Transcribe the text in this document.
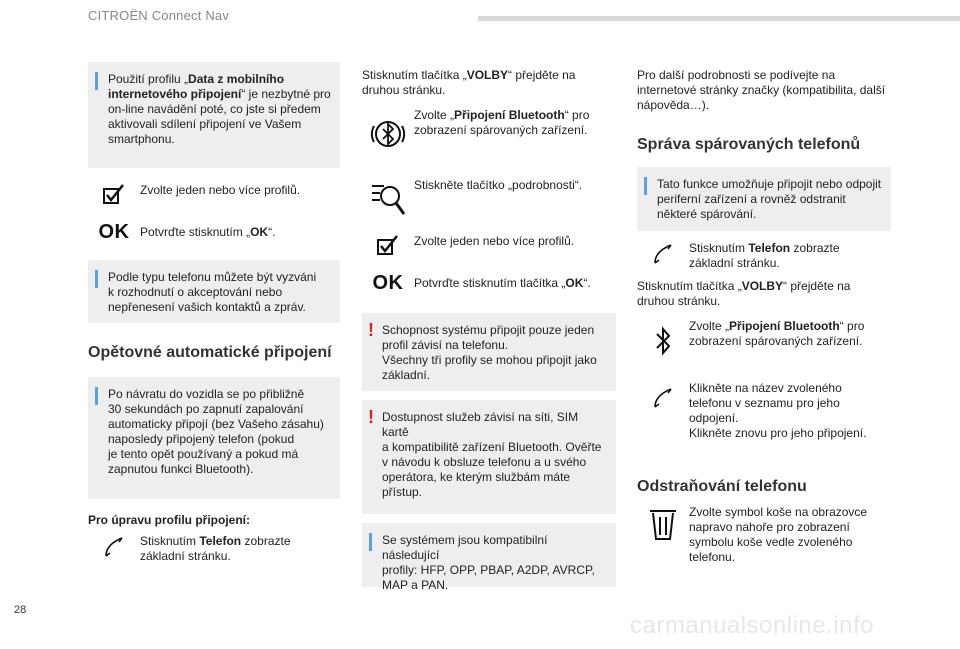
CITROËN Connect Nav

Použití profilu „Data z mobilního internetového připojení“ je nezbytné pro on-line navádění poté, co jste si předem aktivovali sdílení připojení ve Vašem smartphonu.

Zvolte jeden nebo více profilů.
OK Potvrďte stisknutím „OK“.

Podle typu telefonu můžete být vyzváni
k rozhodnutí o akceptování nebo
nepřenesení vašich kontaktů a zpráv.

Opětovné automatické připojení

Po návratu do vozidla se po přibližně
30 sekundách po zapnutí zapalování
automaticky připojí (bez Vašeho zásahu)
naposledy připojený telefon (pokud
je tento opět používaný a pokud má
zapnutou funkci Bluetooth).

Pro úpravu profilu připojení:
Stisknutím Telefon zobrazte
základní stránku.

Stisknutím tlačítka „VOLBY“ přejděte na
druhou stránku.

Zvolte „Připojení Bluetooth“ pro
zobrazení spárovaných zařízení.
Stiskněte tlačítko „podrobnosti“.
Zvolte jeden nebo více profilů.
OK Potvrďte stisknutím tlačítka „OK“.
! Schopnost systému připojit pouze jeden
profil závisí na telefonu.
Všechny tři profily se mohou připojit jako
základní.

! Dostupnost služeb závisí na síti, SIM kartě
a kompatibilitě zařízení Bluetooth. Ověřte
v návodu k obsluze telefonu a u svého
operátora, ke kterým službám máte
přístup.

Se systémem jsou kompatibilní následující
profily: HFP, OPP, PBAP, A2DP, AVRCP,
MAP a PAN.

Pro další podrobnosti se podívejte na
internetové stránky značky (kompatibilita, další
nápověda…).

Správa spárovaných telefonů

Tato funkce umožňuje připojit nebo odpojit
periferní zařízení a rovněž odstranit
některé spárování.

Stisknutím Telefon zobrazte
základní stránku.

Stisknutím tlačítka „VOLBY“ přejděte na
druhou stránku.

Zvolte „Připojení Bluetooth“ pro
zobrazení spárovaných zařízení.
Klikněte na název zvoleného
telefonu v seznamu pro jeho
odpojení.
Klikněte znovu pro jeho připojení.
Odstraňování telefonu
Zvolte symbol koše na obrazovce
napravo nahoře pro zobrazení
symbolu koše vedle zvoleného
telefonu.
28
carmanualsonline.info
